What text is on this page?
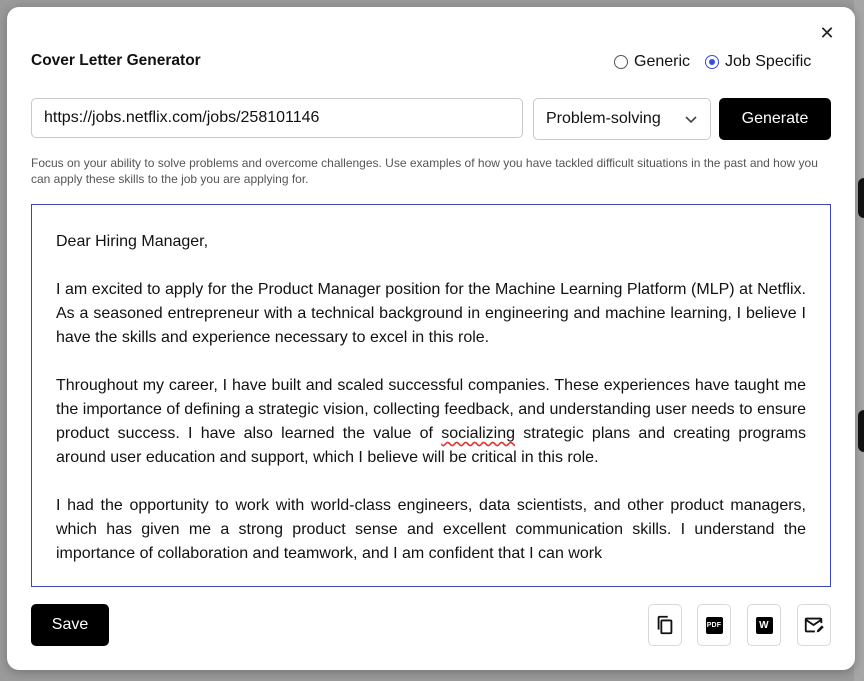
Cover Letter Generator
✕
Generic Job Specific
https://jobs.netflix.com/jobs/258101146
Problem-solving	Generate
Focus on your ability to solve problems and overcome challenges. Use examples of how you have tackled difficult situations in the past and how you can apply these skills to the job you are applying for.

Dear Hiring Manager,

I am excited to apply for the Product Manager position for the Machine Learning Platform (MLP) at Netflix. As a seasoned entrepreneur with a technical background in engineering and machine learning, I believe I have the skills and experience necessary to excel in this role.

Throughout my career, I have built and scaled successful companies. These experiences have taught me the importance of defining a strategic vision, collecting feedback, and understanding user needs to ensure product success. I have also learned the value of socializing strategic plans and creating programs around user education and support, which I believe will be critical in this role.

I had the opportunity to work with world-class engineers, data scientists, and other product managers, which has given me a strong product sense and excellent communication skills. I understand the importance of collaboration and teamwork, and I am confident that I can work

Save	PDF	W
